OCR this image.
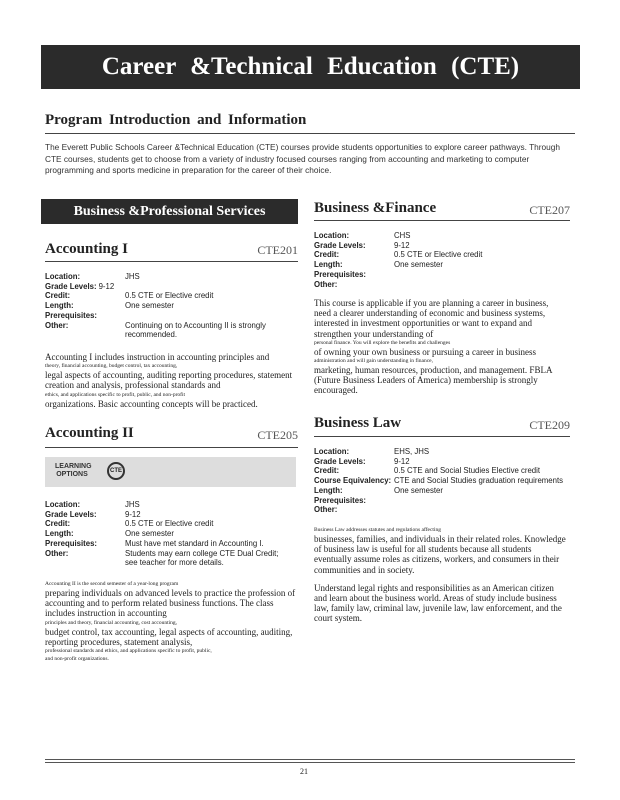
Career &Technical Education (CTE)
Program Introduction and Information
The Everett Public Schools Career &Technical Education (CTE) courses provide students opportunities to explore career pathways. Through CTE courses, students get to choose from a variety of industry focused courses ranging from accounting and marketing to computer programming and sports medicine in preparation for the career of their choice.
Business &Professional Services
Accounting I	CTE201
Location:	JHS
Grade Levels: 9-12
Credit:	0.5 CTE or Elective credit
Length:	One semester
Prerequisites:
Other:	Continuing on to Accounting II is strongly recommended.

Accounting I includes instruction in accounting principles and

theory, financial accounting, budget control, tax accounting,

legal aspects of accounting, auditing reporting procedures, statement creation and analysis, professional standards and

ethics, and applications specific to profit, public, and non-profit

organizations. Basic accounting concepts will be practiced.

Accounting II	CTE205
LEARNING OPTIONS	CTE
Location:	JHS
Grade Levels:	9-12
Credit:	0.5 CTE or Elective credit
Length:	One semester
Prerequisites:	Must have met standard in Accounting I.
Other:	Students may earn college CTE Dual Credit; see teacher for more details.
Accounting II is the second semester of a year-long program

preparing individuals on advanced levels to practice the profession of accounting and to perform related business functions. The class includes instruction in accounting

principles and theory, financial accounting, cost accounting,

budget control, tax accounting, legal aspects of accounting, auditing, reporting procedures, statement analysis,

professional standards and ethics, and applications specific to profit, public, and non-profit organizations.
Business &Finance	CTE207
Location:	CHS
Grade Levels:	9-12
Credit:	0.5 CTE or Elective credit
Length:	One semester
Prerequisites:
Other:

This course is applicable if you are planning a career in business, need a clearer understanding of economic and business systems, interested in investment opportunities or want to expand and strengthen your understanding of

personal finance. You will explore the benefits and challenges

of owning your own business or pursuing a career in business

administration and will gain understanding in finance,

marketing, human resources, production, and management. FBLA (Future Business Leaders of America) membership is strongly encouraged.

Business Law	CTE209
Location:	EHS, JHS
Grade Levels:	9-12
Credit:	0.5 CTE and Social Studies Elective credit
Course Equivalency: CTE and Social Studies graduation requirements
Length:	One semester
Prerequisites:
Other:
Business Law addresses statutes and regulations affecting

businesses, families, and individuals in their related roles. Knowledge of business law is useful for all students because all students eventually assume roles as citizens, workers, and consumers in their communities and in society.

Understand legal rights and responsibilities as an American citizen and learn about the business world. Areas of study include business law, family law, criminal law, juvenile law, law enforcement, and the court system.

21
